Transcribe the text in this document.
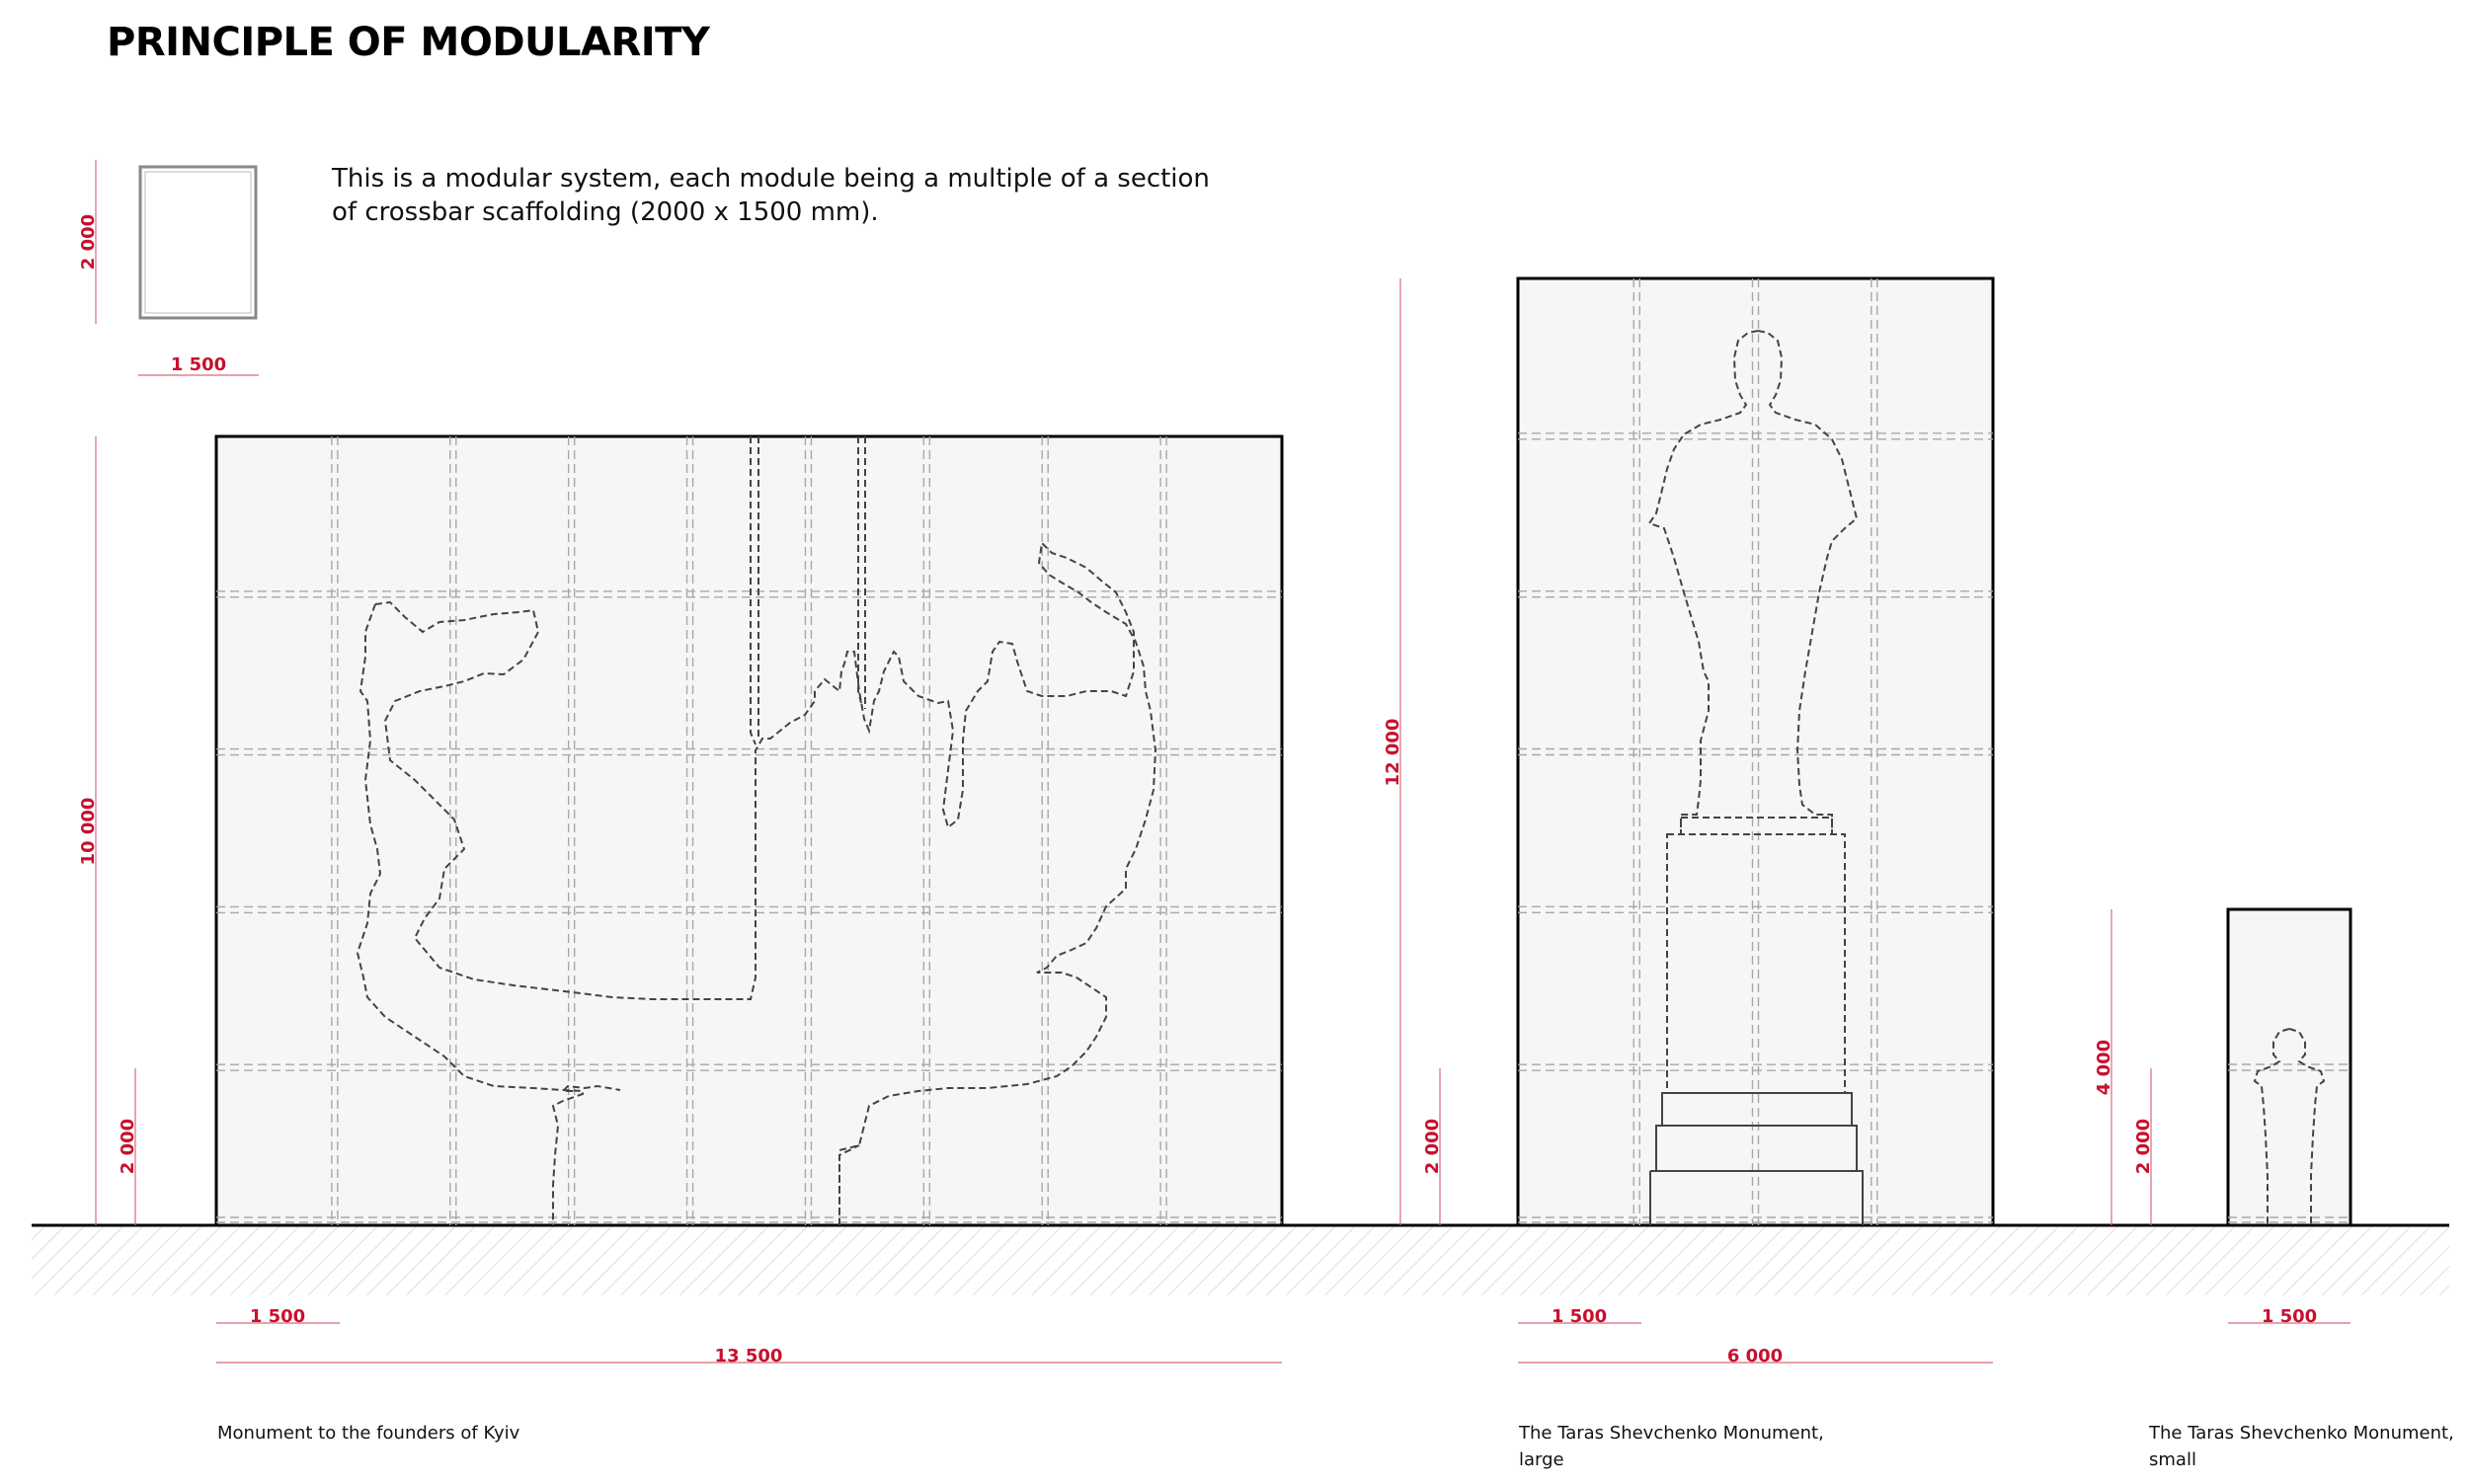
PRINCIPLE OF MODULARITY

This is a modular system, each module being a multiple of a section
of crossbar scaffolding (2000 x 1500 mm).

2 000
1 500
10 000
2 000
1 500
13 500
12 000
2 000
1 500
6 000
4 000
2 000
1 500

Monument to the founders of Kyiv	The Taras Shevchenko Monument,
large

The Taras Shevchenko Monument,
small
